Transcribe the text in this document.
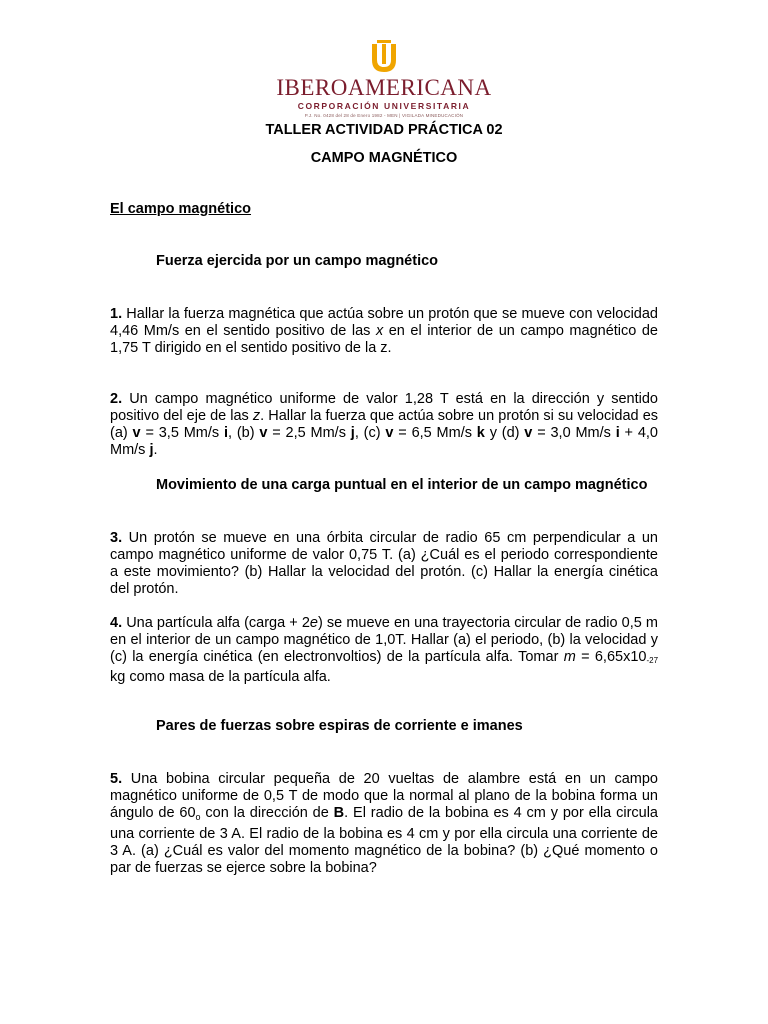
IBEROAMERICANA
CORPORACIÓN UNIVERSITARIA
P.J. No. 0428 del 28 de Enero 1982 - MEN | VIGILADA MINEDUCACIÓN
TALLER ACTIVIDAD PRÁCTICA 02
CAMPO MAGNÉTICO
El campo magnético
Fuerza ejercida por un campo magnético

1. Hallar la fuerza magnética que actúa sobre un protón que se mueve con velocidad 4,46 Mm/s en el sentido positivo de las x en el interior de un campo magnético de 1,75 T dirigido en el sentido positivo de la z.

2. Un campo magnético uniforme de valor 1,28 T está en la dirección y sentido positivo del eje de las z. Hallar la fuerza que actúa sobre un protón si su velocidad es (a) v = 3,5 Mm/s i, (b) v = 2,5 Mm/s j, (c) v = 6,5 Mm/s k y (d) v = 3,0 Mm/s i + 4,0 Mm/s j.

Movimiento de una carga puntual en el interior de un campo magnético

3. Un protón se mueve en una órbita circular de radio 65 cm perpendicular a un campo magnético uniforme de valor 0,75 T. (a) ¿Cuál es el periodo correspondiente a este movimiento? (b) Hallar la velocidad del protón. (c) Hallar la energía cinética del protón.

4. Una partícula alfa (carga + 2e) se mueve en una trayectoria circular de radio 0,5 m en el interior de un campo magnético de 1,0T. Hallar (a) el periodo, (b) la velocidad y (c) la energía cinética (en electronvoltios) de la partícula alfa. Tomar $m = 6,65x10_{-27}$ kg como masa de la partícula alfa.

Pares de fuerzas sobre espiras de corriente e imanes

5. Una bobina circular pequeña de 20 vueltas de alambre está en un campo magnético uniforme de 0,5 T de modo que la normal al plano de la bobina forma un ángulo de $60_o$ con la dirección de B. El radio de la bobina es 4 cm y por ella circula una corriente de 3 A. El radio de la bobina es 4 cm y por ella circula una corriente de 3 A. (a) ¿Cuál es valor del momento magnético de la bobina? (b) ¿Qué momento o par de fuerzas se ejerce sobre la bobina?
